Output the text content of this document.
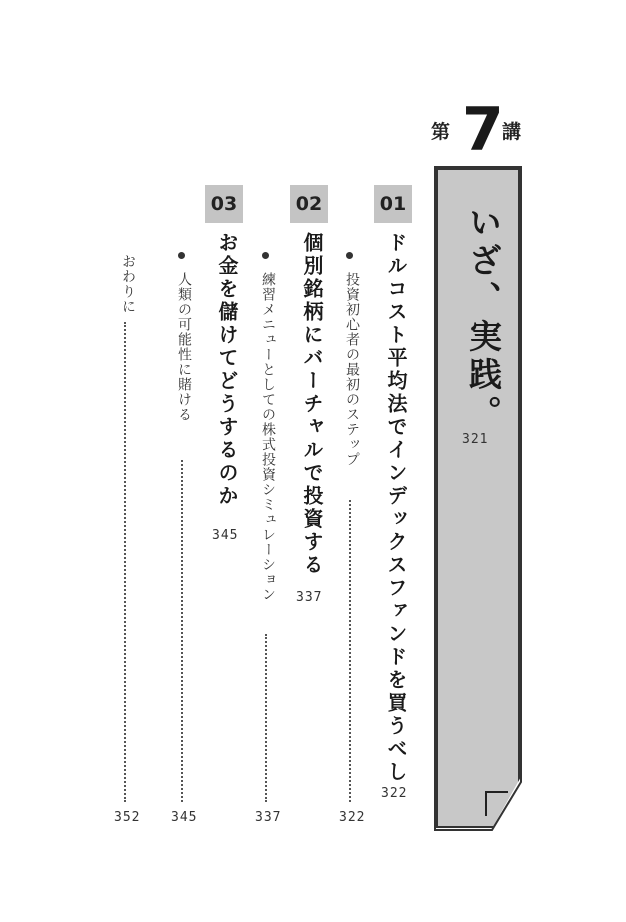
第 7
講
いざ、実践。
321
01
ドルコスト平均法でインデックスファンドを買うべし
322
投資初心者の最初のステップ
322
02
個別銘柄にバーチャルで投資する
337
練習メニューとしての株式投資シミュレーション
337
03
お金を儲けてどうするのか
345
人類の可能性に賭ける
345
おわりに
352
